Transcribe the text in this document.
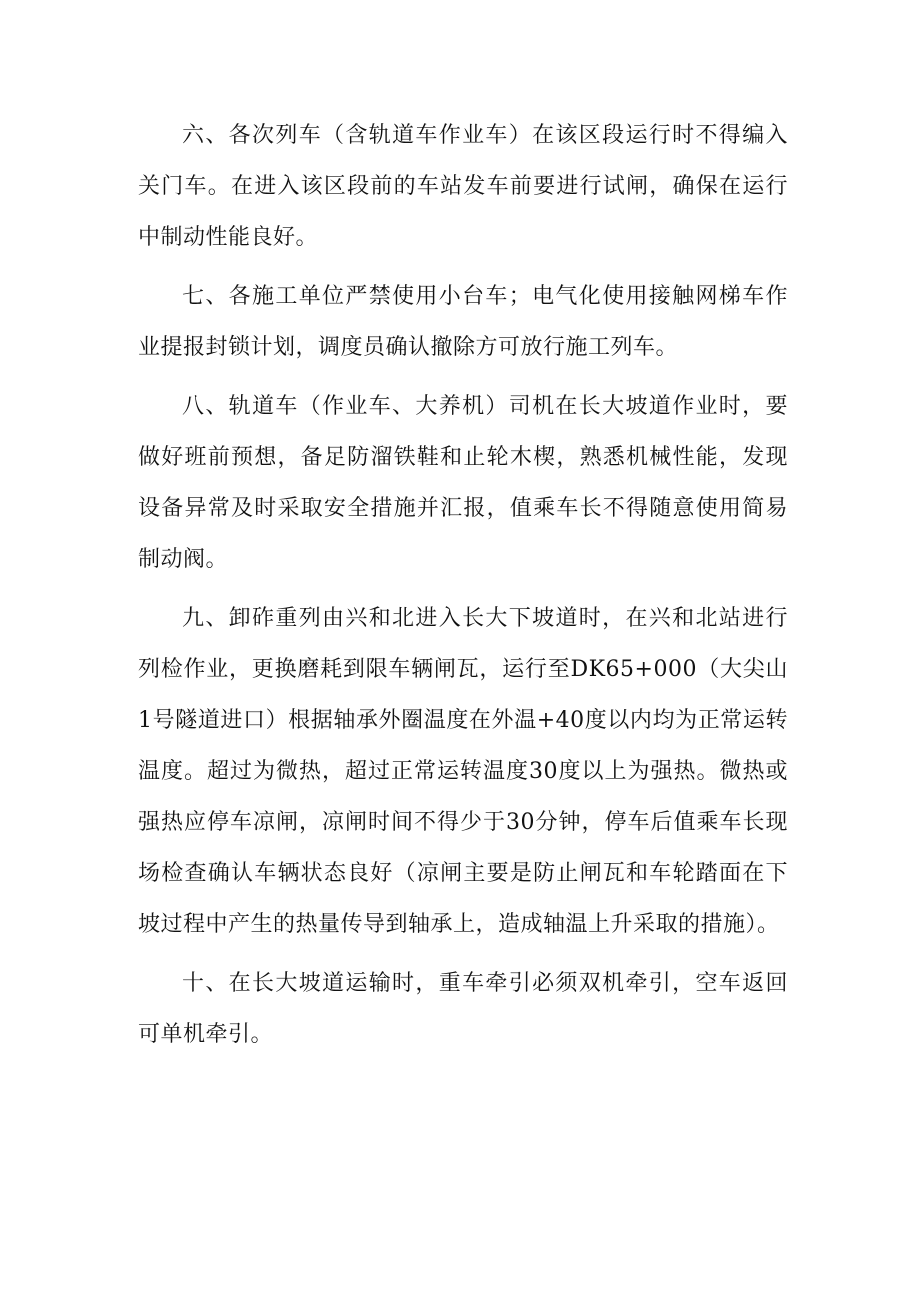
六、各次列车（含轨道车作业车）在该区段运行时不得编入关门车。在进入该区段前的车站发车前要进行试闸，确保在运行中制动性能良好。

七、各施工单位严禁使用小台车；电气化使用接触网梯车作业提报封锁计划，调度员确认撤除方可放行施工列车。

八、轨道车（作业车、大养机）司机在长大坡道作业时，要做好班前预想，备足防溜铁鞋和止轮木楔，熟悉机械性能，发现设备异常及时采取安全措施并汇报，值乘车长不得随意使用简易制动阀。

九、卸砟重列由兴和北进入长大下坡道时，在兴和北站进行列检作业，更换磨耗到限车辆闸瓦，运行至DK65+000（大尖山1号隧道进口）根据轴承外圈温度在外温+40度以内均为正常运转温度。超过为微热，超过正常运转温度30度以上为强热。微热或强热应停车凉闸，凉闸时间不得少于30分钟，停车后值乘车长现场检查确认车辆状态良好（凉闸主要是防止闸瓦和车轮踏面在下坡过程中产生的热量传导到轴承上，造成轴温上升采取的措施）。

十、在长大坡道运输时，重车牵引必须双机牵引，空车返回可单机牵引。
